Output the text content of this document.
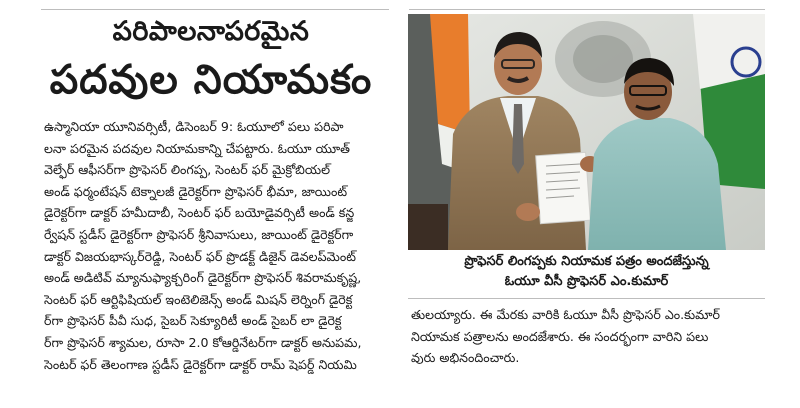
పరిపాలనాపరమైన
పదవుల నియామకం
ఉస్మానియా యూనివర్సిటీ, డిసెంబర్ 9: ఓయూలో పలు పరిపా
లనా పరమైన పదవుల నియామకాన్ని చేపట్టారు. ఓయూ యూత్
వెల్ఫేర్ ఆఫీసర్‌గా ప్రొఫెసర్ లింగప్ప, సెంటర్ ఫర్ మైక్రోబియల్
అండ్ ఫర్మంటేషన్ టెక్నాలజీ డైరెక్టర్‌గా ప్రొఫెసర్ భీమా, జాయింట్
డైరెక్టర్‌గా డాక్టర్ హమీదాబీ, సెంటర్ ఫర్ బయోడైవర్సిటీ అండ్ కన్జ
ర్వేషన్ స్టడీస్ డైరెక్టర్‌గా ప్రొఫెసర్ శ్రీనివాసులు, జాయింట్ డైరెక్టర్‌గా
డాక్టర్ విజయభాస్కర్‌రెడ్డి, సెంటర్ ఫర్ ప్రొడక్ట్ డిజైన్ డెవలప్‌మెంట్
అండ్ అడిటివ్ మ్యానుఫ్యాక్చరింగ్ డైరెక్టర్‌గా ప్రొఫెసర్ శివరామకృష్ణ,
సెంటర్ ఫర్ ఆర్టిఫిషియల్ ఇంటెలిజెన్స్ అండ్ మిషన్ లెర్నింగ్ డైరెక్ట
ర్‌గా ప్రొఫెసర్ పీవీ సుధ, సైబర్ సెక్యూరిటీ అండ్ సైబర్ లా డైరెక్ట
ర్‌గా ప్రొఫెసర్ శ్యామల, రూసా 2.0 కోఆర్డినేటర్‌గా డాక్టర్ అనుపమ,
సెంటర్ ఫర్ తెలంగాణ స్టడీస్ డైరెక్టర్‌గా డాక్టర్ రామ్ షెపర్డ్ నియమి
ప్రొఫెసర్ లింగప్పకు నియామక పత్రం అందజేస్తున్న
ఓయూ వీసీ ప్రొఫెసర్ ఎం.కుమార్
తులయ్యారు. ఈ మేరకు వారికి ఓయూ వీసీ ప్రొఫెసర్ ఎం.కుమార్
నియామక పత్రాలను అందజేశారు. ఈ సందర్భంగా వారిని పలు
వురు అభినందించారు.
